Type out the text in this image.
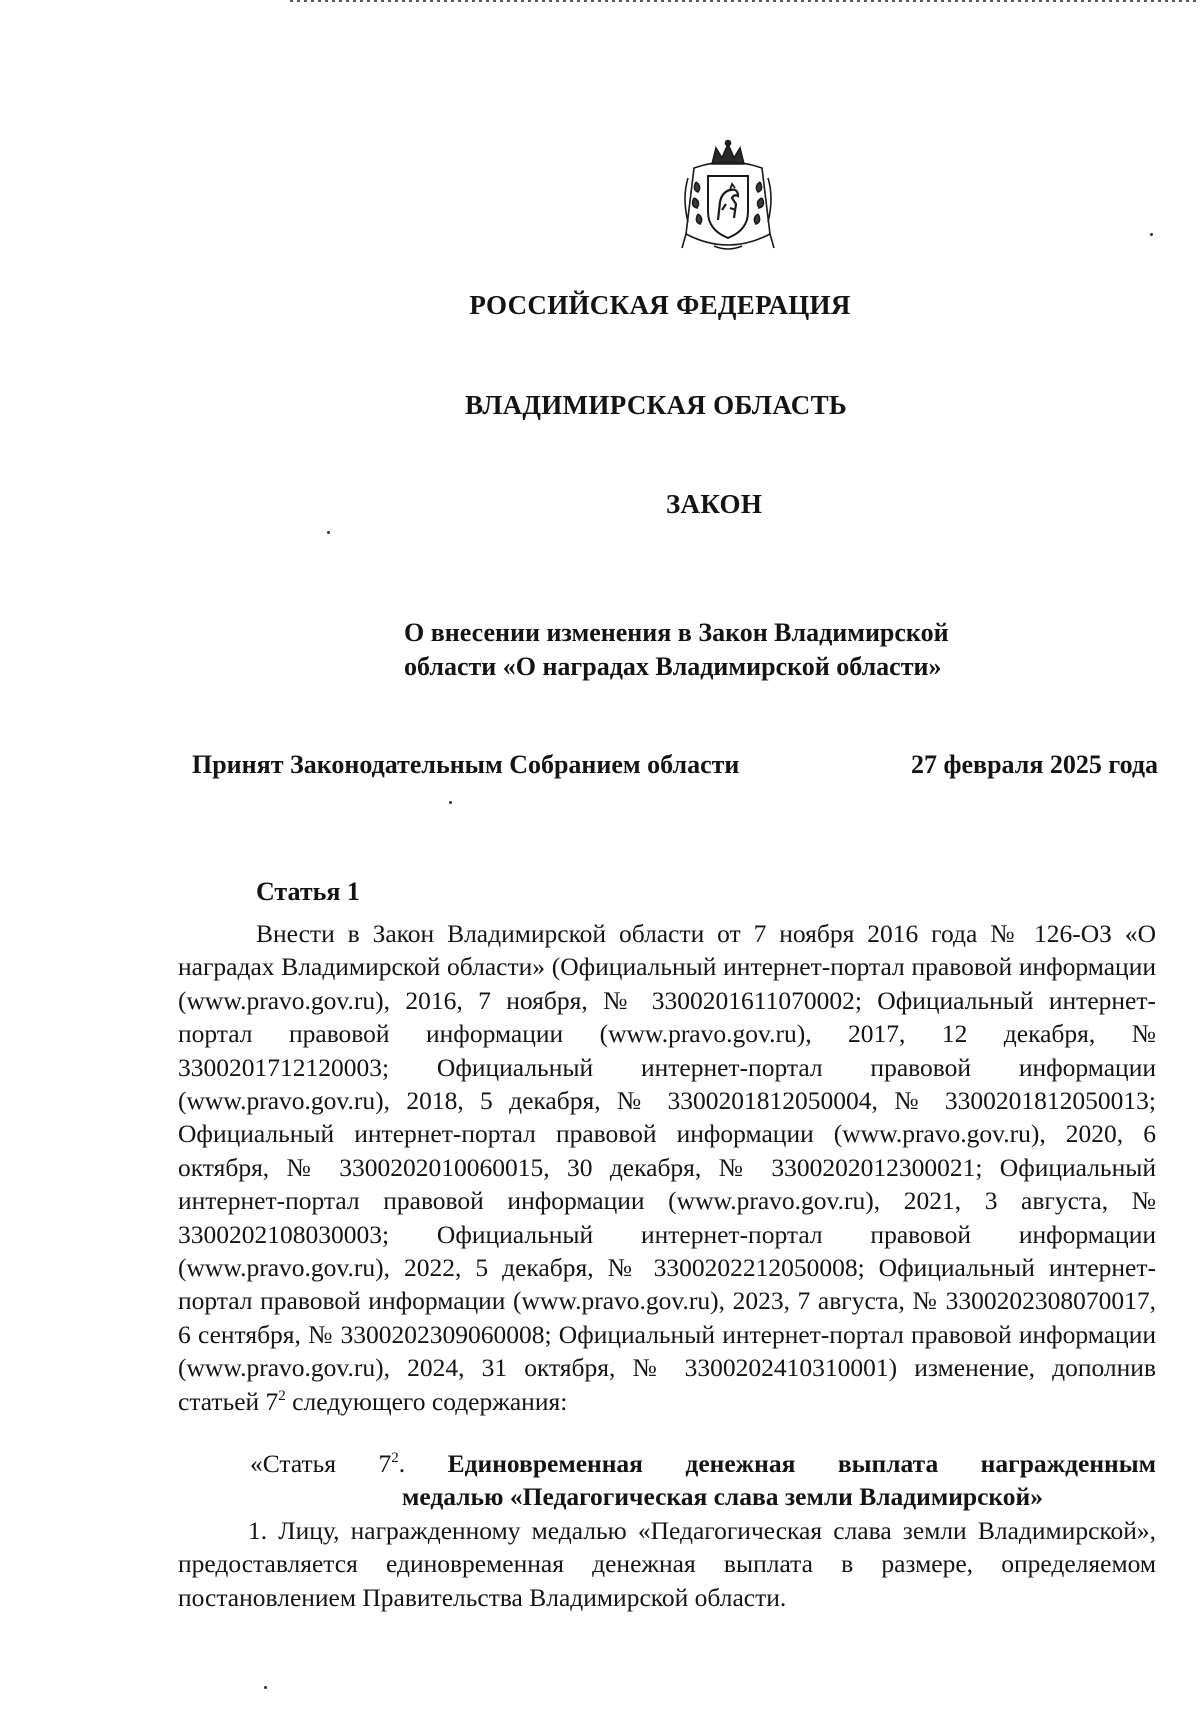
РОССИЙСКАЯ ФЕДЕРАЦИЯ
ВЛАДИМИРСКАЯ ОБЛАСТЬ
ЗАКОН
О внесении изменения в Закон Владимирской области «О наградах Владимирской области»
Принят Законодательным Собранием области	27 февраля 2025 года
Статья 1

Внести в Закон Владимирской области от 7 ноября 2016 года № 126-ОЗ «О наградах Владимирской области» (Официальный интернет-портал правовой информации (www.pravo.gov.ru), 2016, 7 ноября, № 3300201611070002; Официальный интернет-портал правовой информации (www.pravo.gov.ru), 2017, 12 декабря, № 3300201712120003; Официальный интернет-портал правовой информации (www.pravo.gov.ru), 2018, 5 декабря, № 3300201812050004, № 3300201812050013; Официальный интернет-портал правовой информации (www.pravo.gov.ru), 2020, 6 октября, № 3300202010060015, 30 декабря, № 3300202012300021; Официальный интернет-портал правовой информации (www.pravo.gov.ru), 2021, 3 августа, № 3300202108030003; Официальный интернет-портал правовой информации (www.pravo.gov.ru), 2022, 5 декабря, № 3300202212050008; Официальный интернет-портал правовой информации (www.pravo.gov.ru), 2023, 7 августа, № 3300202308070017, 6 сентября, № 3300202309060008; Официальный интернет-портал правовой информации (www.pravo.gov.ru), 2024, 31 октября, № 3300202410310001) изменение, дополнив статьей $7^2$ следующего содержания:

«Статья $7^2$. Единовременная денежная выплата награжденным
медалью «Педагогическая слава земли Владимирской»

1. Лицу, награжденному медалью «Педагогическая слава земли Владимирской», предоставляется единовременная денежная выплата в размере, определяемом постановлением Правительства Владимирской области.
